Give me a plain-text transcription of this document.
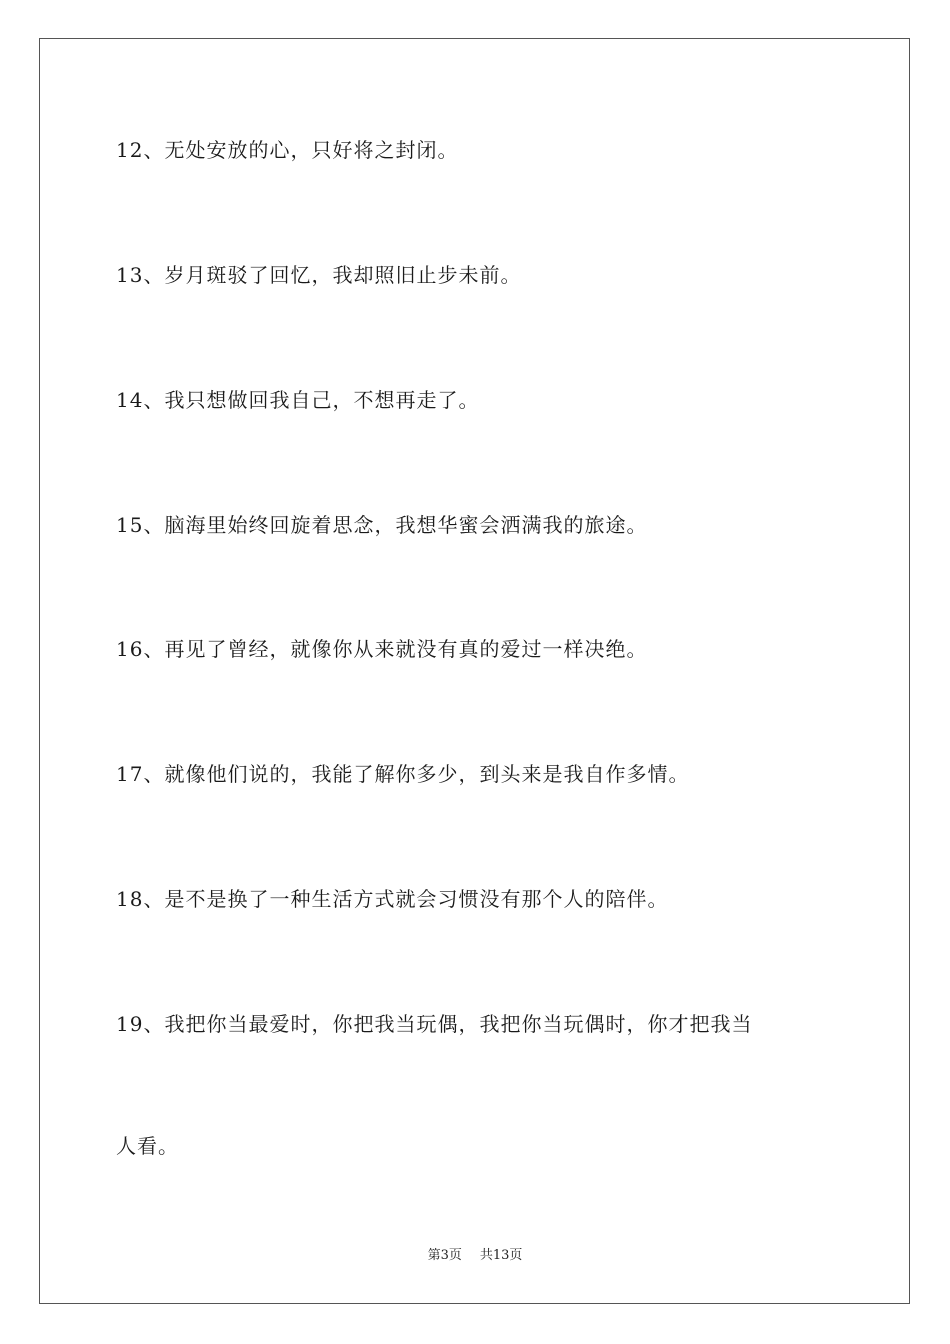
12、无处安放的心，只好将之封闭。
13、岁月斑驳了回忆，我却照旧止步未前。
14、我只想做回我自己，不想再走了。
15、脑海里始终回旋着思念，我想华蜜会洒满我的旅途。
16、再见了曾经，就像你从来就没有真的爱过一样决绝。
17、就像他们说的，我能了解你多少，到头来是我自作多情。
18、是不是换了一种生活方式就会习惯没有那个人的陪伴。
19、我把你当最爱时，你把我当玩偶，我把你当玩偶时，你才把我当
人看。
第3页 共13页
